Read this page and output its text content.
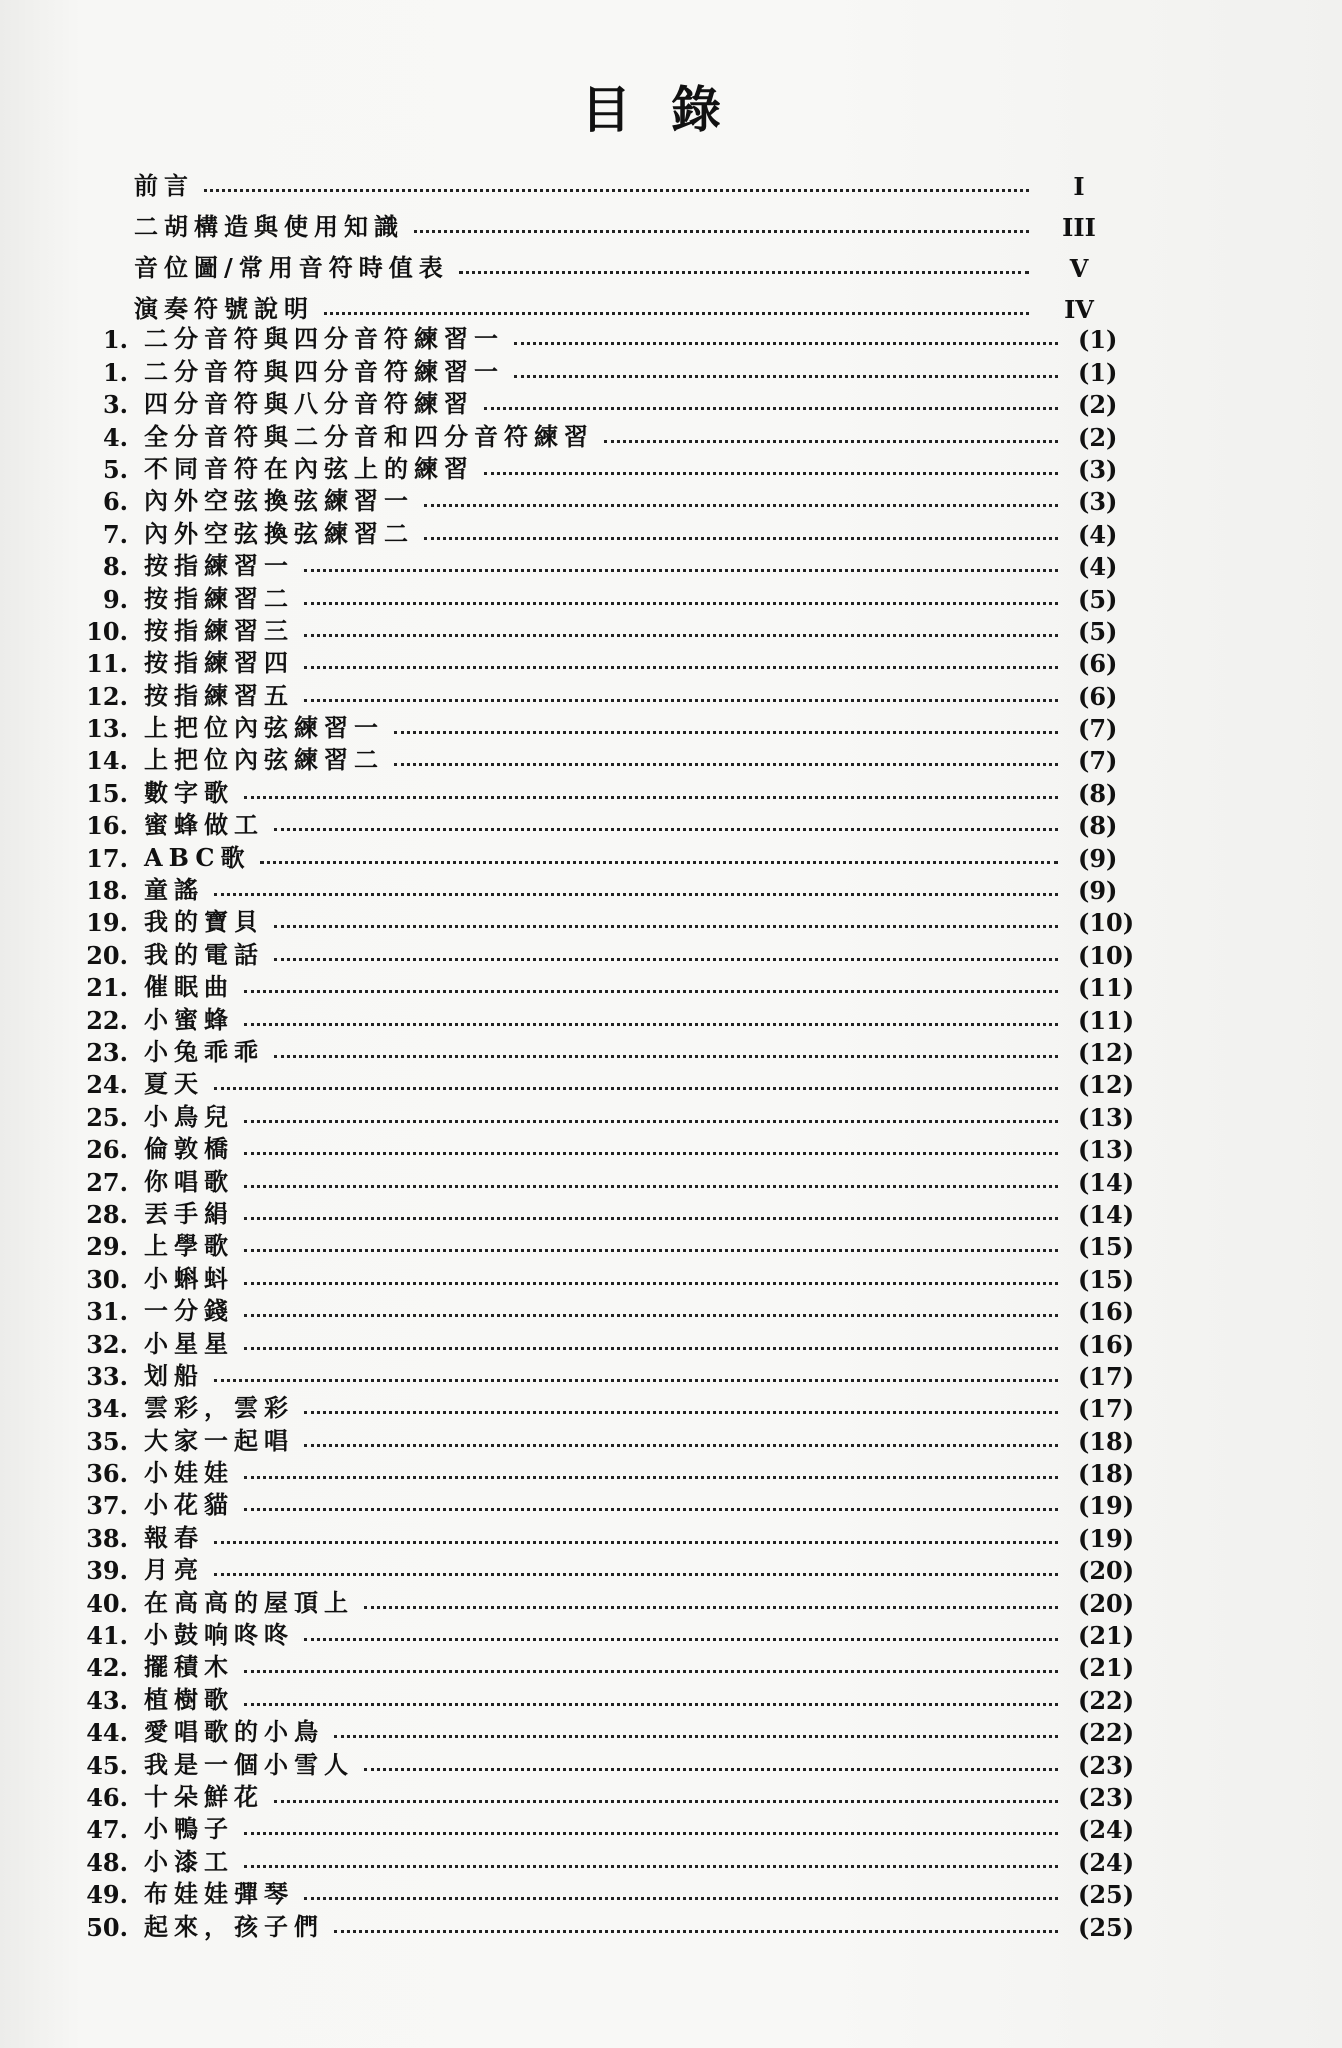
目錄
前言	I
二胡構造與使用知識	III
音位圖/常用音符時值表	V
演奏符號說明	IV
1. 二分音符與四分音符練習一	(1)
1. 二分音符與四分音符練習一	(1)
3. 四分音符與八分音符練習	(2)
4. 全分音符與二分音和四分音符練習	(2)
5. 不同音符在內弦上的練習	(3)
6. 內外空弦換弦練習一	(3)
7. 內外空弦換弦練習二	(4)
8. 按指練習一	(4)
9. 按指練習二	(5)
10. 按指練習三	(5)
11. 按指練習四	(6)
12. 按指練習五	(6)
13. 上把位內弦練習一	(7)
14. 上把位內弦練習二	(7)
15. 數字歌	(8)
16. 蜜蜂做工	(8)
17. ABC歌	(9)
18. 童謠	(9)
19. 我的寶貝	(10)
20. 我的電話	(10)
21. 催眠曲	(11)
22. 小蜜蜂	(11)
23. 小兔乖乖	(12)
24. 夏天	(12)
25. 小鳥兒	(13)
26. 倫敦橋	(13)
27. 你唱歌	(14)
28. 丟手絹	(14)
29. 上學歌	(15)
30. 小蝌蚪	(15)
31. 一分錢	(16)
32. 小星星	(16)
33. 划船	(17)
34. 雲彩，雲彩	(17)
35. 大家一起唱	(18)
36. 小娃娃	(18)
37. 小花貓	(19)
38. 報春	(19)
39. 月亮	(20)
40. 在高高的屋頂上	(20)
41. 小鼓响咚咚	(21)
42. 擺積木	(21)
43. 植樹歌	(22)
44. 愛唱歌的小鳥	(22)
45. 我是一個小雪人	(23)
46. 十朵鮮花	(23)
47. 小鴨子	(24)
48. 小漆工	(24)
49. 布娃娃彈琴	(25)
50. 起來，孩子們	(25)
